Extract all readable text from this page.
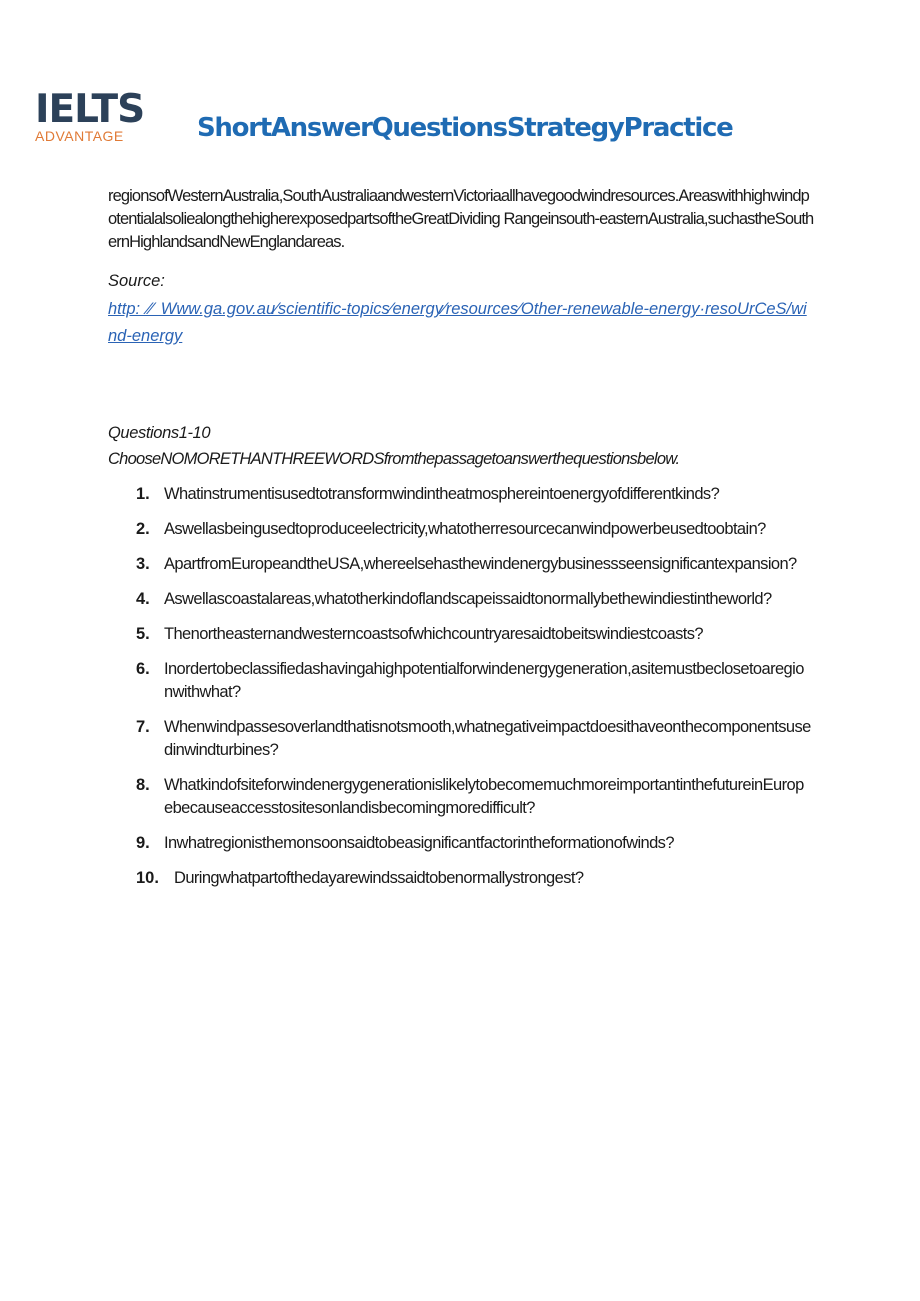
IELTS
ADVANTAGE	ShortAnswerQuestionsStrategyPractice

regionsofWesternAustralia,SouthAustraliaandwesternVictoriaallhavegoodwindresources.AreaswithhighwindpotentialalsoliealongthehigherexposedpartsoftheGreatDividing Rangeinsouth-easternAustralia,suchastheSouthernHighlandsandNewEnglandareas.

Source:

http: ⁄⁄ Www.ga.gov.au⁄scientific-topics⁄energy⁄resources⁄Other-renewable-energy·resoUrCeS/wind-energy

Questions1-10

ChooseNOMORETHANTHREEWORDSfromthepassagetoanswerthequestionsbelow.

1. Whatinstrumentisusedtotransformwindintheatmosphereintoenergyofdifferentkinds?
2. Aswellasbeingusedtoproduceelectricity,whatotherresourcecanwindpowerbeusedtoobtain?
3. ApartfromEuropeandtheUSA,whereelsehasthewindenergybusinessseensignificantexpansion?
4. Aswellascoastalareas,whatotherkindoflandscapeissaidtonormallybethewindiestintheworld?
5. Thenortheasternandwesterncoastsofwhichcountryaresaidtobeitswindiestcoasts?
6. Inordertobeclassifiedashavingahighpotentialforwindenergygeneration,asitemustbeclosetoaregionwithwhat?
7. Whenwindpassesoverlandthatisnotsmooth,whatnegativeimpactdoesithaveonthecomponentsusedinwindturbines?
8. WhatkindofsiteforwindenergygenerationislikelytobecomemuchmoreimportantinthefutureinEuropebecauseaccesstositesonlandisbecomingmoredifficult?
9. Inwhatregionisthemonsoonsaidtobeasignificantfactorintheformationofwinds?
10. Duringwhatpartofthedayarewindssaidtobenormallystrongest?
